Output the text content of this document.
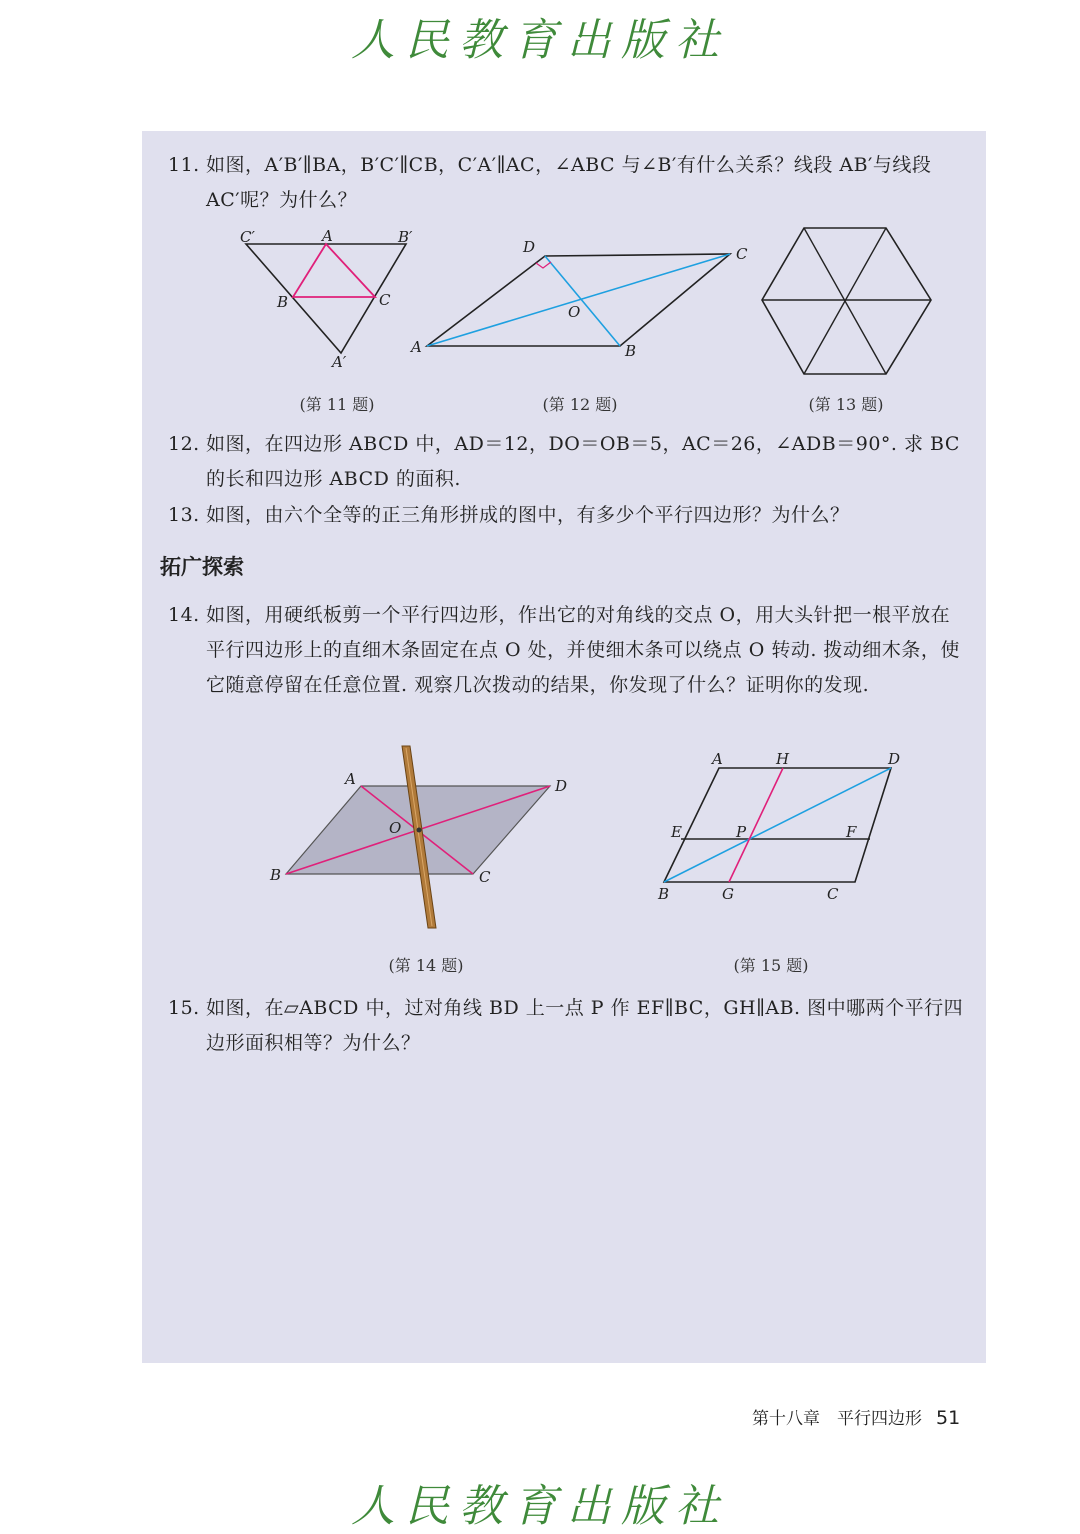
人民教育出版社
11. 如图，A′B′∥BA，B′C′∥CB，C′A′∥AC，∠ABC 与∠B′有什么关系？线段 AB′与线段 AC′呢？为什么？
C′	A	B′
B	C
A′
D	C
O
A	B
(第 11 题)	(第 12 题)	(第 13 题)
12. 如图，在四边形 ABCD 中，AD＝12，DO＝OB＝5，AC＝26，∠ADB＝90°. 求 BC 的长和四边形 ABCD 的面积.
13. 如图，由六个全等的正三角形拼成的图中，有多少个平行四边形？为什么？
拓广探索
14. 如图，用硬纸板剪一个平行四边形，作出它的对角线的交点 O，用大头针把一根平放在平行四边形上的直细木条固定在点 O 处，并使细木条可以绕点 O 转动. 拨动细木条，使它随意停留在任意位置. 观察几次拨动的结果，你发现了什么？证明你的发现.
A	D
O
B	C
A	H	D
E	P	F
B	G	C
(第 14 题)	(第 15 题)
15. 如图，在▱ABCD 中，过对角线 BD 上一点 P 作 EF∥BC，GH∥AB. 图中哪两个平行四边形面积相等？为什么？
第十八章　平行四边形 51
人民教育出版社
